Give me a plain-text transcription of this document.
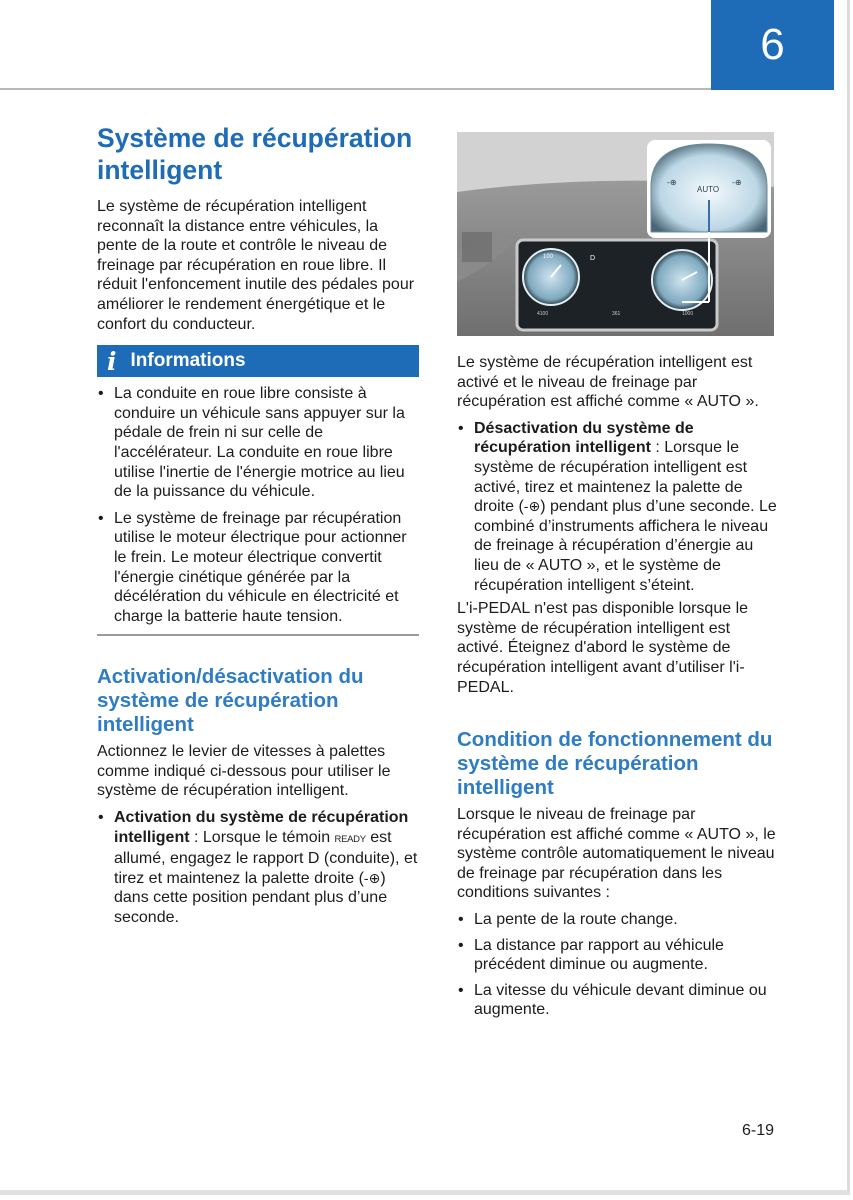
6
Système de récupération intelligent

Le système de récupération intelligent reconnaît la distance entre véhicules, la pente de la route et contrôle le niveau de freinage par récupération en roue libre. Il réduit l'enfoncement inutile des pédales pour améliorer le rendement énergétique et le confort du conducteur.

i Informations
• La conduite en roue libre consiste à conduire un véhicule sans appuyer sur la pédale de frein ni sur celle de l'accélérateur. La conduite en roue libre utilise l'inertie de l'énergie motrice au lieu de la puissance du véhicule.
• Le système de freinage par récupération utilise le moteur électrique pour actionner le frein. Le moteur électrique convertit l'énergie cinétique générée par la décélération du véhicule en électricité et charge la batterie haute tension.
Activation/désactivation du système de récupération intelligent

Actionnez le levier de vitesses à palettes comme indiqué ci-dessous pour utiliser le système de récupération intelligent.

• Activation du système de récupération intelligent : Lorsque le témoin READY est allumé, engagez le rapport D (conduite), et tirez et maintenez la palette droite (-⊕) dans cette position pendant plus d’une seconde.
100	D
4100	361	1000
-⊕
AUTO
-⊕

Le système de récupération intelligent est activé et le niveau de freinage par récupération est affiché comme « AUTO ».

• Désactivation du système de récupération intelligent : Lorsque le système de récupération intelligent est activé, tirez et maintenez la palette de droite (-⊕) pendant plus d’une seconde. Le combiné d’instruments affichera le niveau de freinage à récupération d’énergie au lieu de « AUTO », et le système de récupération intelligent s’éteint.

L'i-PEDAL n'est pas disponible lorsque le système de récupération intelligent est activé. Éteignez d'abord le système de récupération intelligent avant d’utiliser l'i-PEDAL.

Condition de fonctionnement du système de récupération intelligent

Lorsque le niveau de freinage par récupération est affiché comme « AUTO », le système contrôle automatiquement le niveau de freinage par récupération dans les conditions suivantes :

• La pente de la route change.
• La distance par rapport au véhicule précédent diminue ou augmente.
• La vitesse du véhicule devant diminue ou augmente.
6-19
